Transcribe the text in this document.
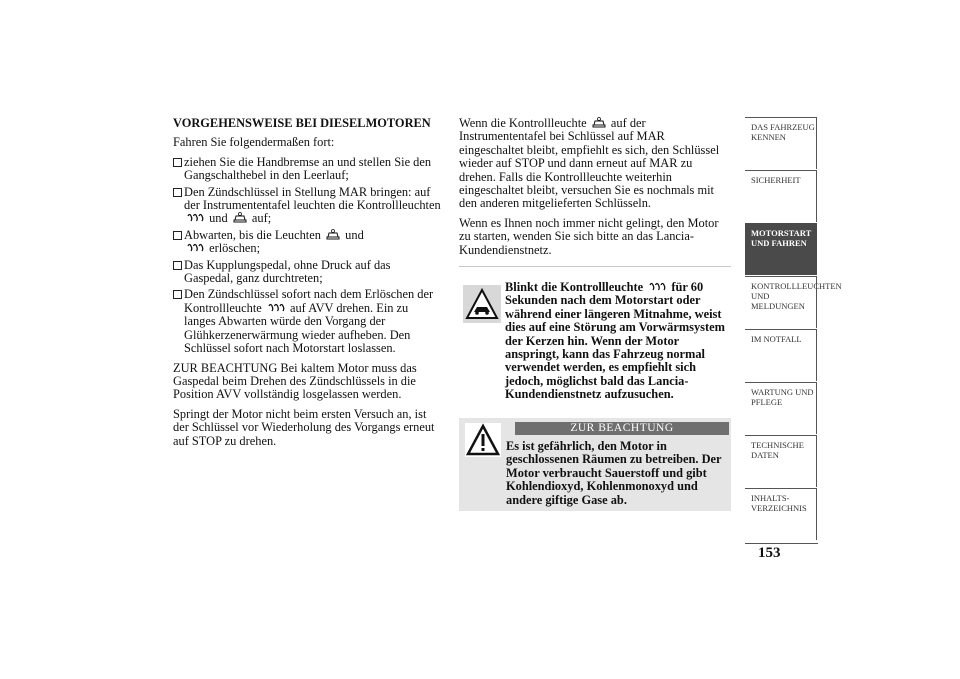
VORGEHENSWEISE BEI DIESELMOTOREN
Fahren Sie folgendermaßen fort:
ziehen Sie die Handbremse an und stellen Sie den Gangschalthebel in den Leerlauf;
Den Zündschlüssel in Stellung MAR bringen: auf der Instrumententafel leuchten die Kontrollleuchten  und auf;
Abwarten, bis die Leuchten und
erlöschen;
Das Kupplungspedal, ohne Druck auf das Gaspedal, ganz durchtreten;
Den Zündschlüssel sofort nach dem Erlöschen der Kontrollleuchte auf AVV drehen. Ein zu langes Abwarten würde den Vorgang der Glühkerzenerwärmung wieder aufheben. Den Schlüssel sofort nach Motorstart loslassen.
ZUR BEACHTUNG Bei kaltem Motor muss das Gaspedal beim Drehen des Zündschlüssels in die Position AVV vollständig losgelassen werden.
Springt der Motor nicht beim ersten Versuch an, ist der Schlüssel vor Wiederholung des Vorgangs erneut auf STOP zu drehen.
Wenn die Kontrollleuchte auf der Instrumententafel bei Schlüssel auf MAR eingeschaltet bleibt, empfiehlt es sich, den Schlüssel wieder auf STOP und dann erneut auf MAR zu drehen. Falls die Kontrollleuchte weiterhin eingeschaltet bleibt, versuchen Sie es nochmals mit den anderen mitgelieferten Schlüsseln.
Wenn es Ihnen noch immer nicht gelingt, den Motor zu starten, wenden Sie sich bitte an das Lancia-Kundendienstnetz.
Blinkt die Kontrollleuchte für 60 Sekunden nach dem Motorstart oder während einer längeren Mitnahme, weist dies auf eine Störung am Vorwärmsystem der Kerzen hin. Wenn der Motor anspringt, kann das Fahrzeug normal verwendet werden, es empfiehlt sich jedoch, möglichst bald das Lancia-Kundendienstnetz aufzusuchen.
ZUR BEACHTUNG
Es ist gefährlich, den Motor in geschlossenen Räumen zu betreiben. Der Motor verbraucht Sauerstoff und gibt Kohlendioxyd, Kohlenmonoxyd und andere giftige Gase ab.
DAS FAHRZEUG KENNEN
SICHERHEIT
MOTORSTART UND FAHREN
KONTROLLLEUCHTEN UND MELDUNGEN
IM NOTFALL
WARTUNG UND PFLEGE
TECHNISCHE DATEN
INHALTS-VERZEICHNIS
153
